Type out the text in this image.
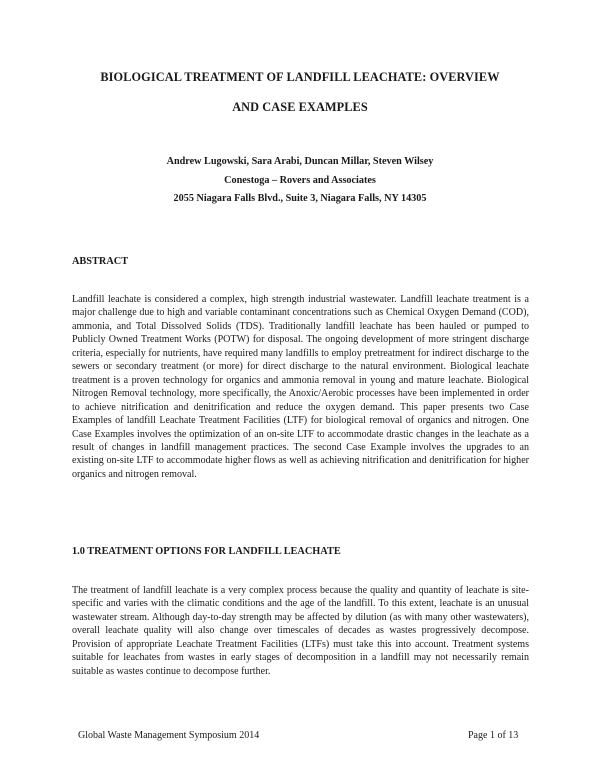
BIOLOGICAL TREATMENT OF LANDFILL LEACHATE: OVERVIEW
AND CASE EXAMPLES
Andrew Lugowski, Sara Arabi, Duncan Millar, Steven Wilsey
Conestoga – Rovers and Associates
2055 Niagara Falls Blvd., Suite 3, Niagara Falls, NY 14305
ABSTRACT

Landfill leachate is considered a complex, high strength industrial wastewater. Landfill leachate treatment is a major challenge due to high and variable contaminant concentrations such as Chemical Oxygen Demand (COD), ammonia, and Total Dissolved Solids (TDS). Traditionally landfill leachate has been hauled or pumped to Publicly Owned Treatment Works (POTW) for disposal. The ongoing development of more stringent discharge criteria, especially for nutrients, have required many landfills to employ pretreatment for indirect discharge to the sewers or secondary treatment (or more) for direct discharge to the natural environment. Biological leachate treatment is a proven technology for organics and ammonia removal in young and mature leachate. Biological Nitrogen Removal technology, more specifically, the Anoxic/Aerobic processes have been implemented in order to achieve nitrification and denitrification and reduce the oxygen demand. This paper presents two Case Examples of landfill Leachate Treatment Facilities (LTF) for biological removal of organics and nitrogen. One Case Examples involves the optimization of an on-site LTF to accommodate drastic changes in the leachate as a result of changes in landfill management practices. The second Case Example involves the upgrades to an existing on-site LTF to accommodate higher flows as well as achieving nitrification and denitrification for higher organics and nitrogen removal.

1.0 TREATMENT OPTIONS FOR LANDFILL LEACHATE

The treatment of landfill leachate is a very complex process because the quality and quantity of leachate is site-specific and varies with the climatic conditions and the age of the landfill. To this extent, leachate is an unusual wastewater stream. Although day-to-day strength may be affected by dilution (as with many other wastewaters), overall leachate quality will also change over timescales of decades as wastes progressively decompose. Provision of appropriate Leachate Treatment Facilities (LTFs) must take this into account. Treatment systems suitable for leachates from wastes in early stages of decomposition in a landfill may not necessarily remain suitable as wastes continue to decompose further.

Global Waste Management Symposium 2014	Page 1 of 13
